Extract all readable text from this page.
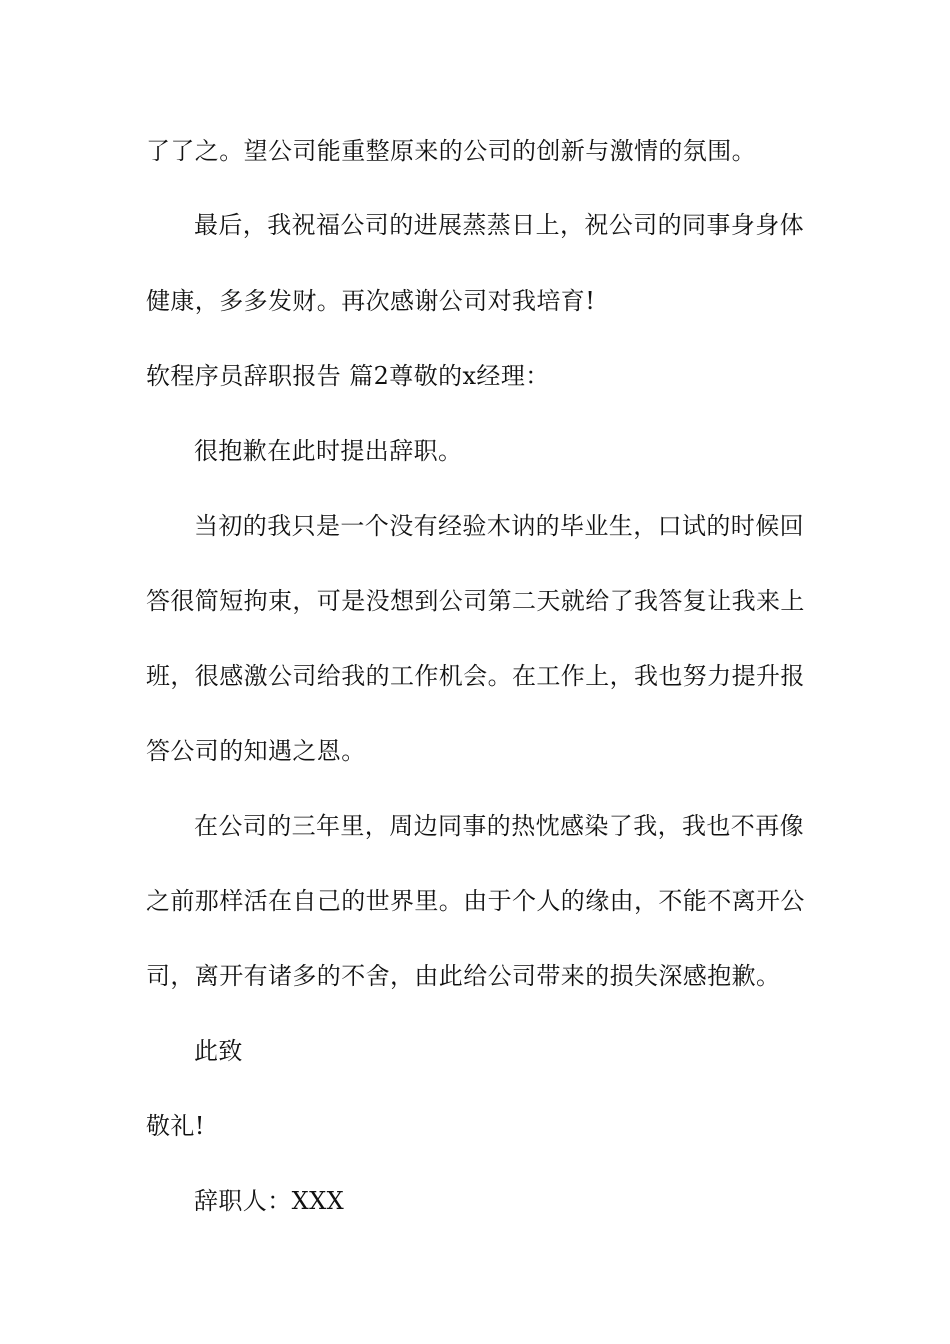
了了之。望公司能重整原来的公司的创新与激情的氛围。
最后，我祝福公司的进展蒸蒸日上，祝公司的同事身身体
健康，多多发财。再次感谢公司对我培育!
软程序员辞职报告 篇2尊敬的x经理：
很抱歉在此时提出辞职。
当初的我只是一个没有经验木讷的毕业生，口试的时候回
答很简短拘束，可是没想到公司第二天就给了我答复让我来上
班，很感激公司给我的工作机会。在工作上，我也努力提升报
答公司的知遇之恩。
在公司的三年里，周边同事的热忱感染了我，我也不再像
之前那样活在自己的世界里。由于个人的缘由，不能不离开公
司，离开有诸多的不舍，由此给公司带来的损失深感抱歉。
此致
敬礼!
辞职人：XXX
